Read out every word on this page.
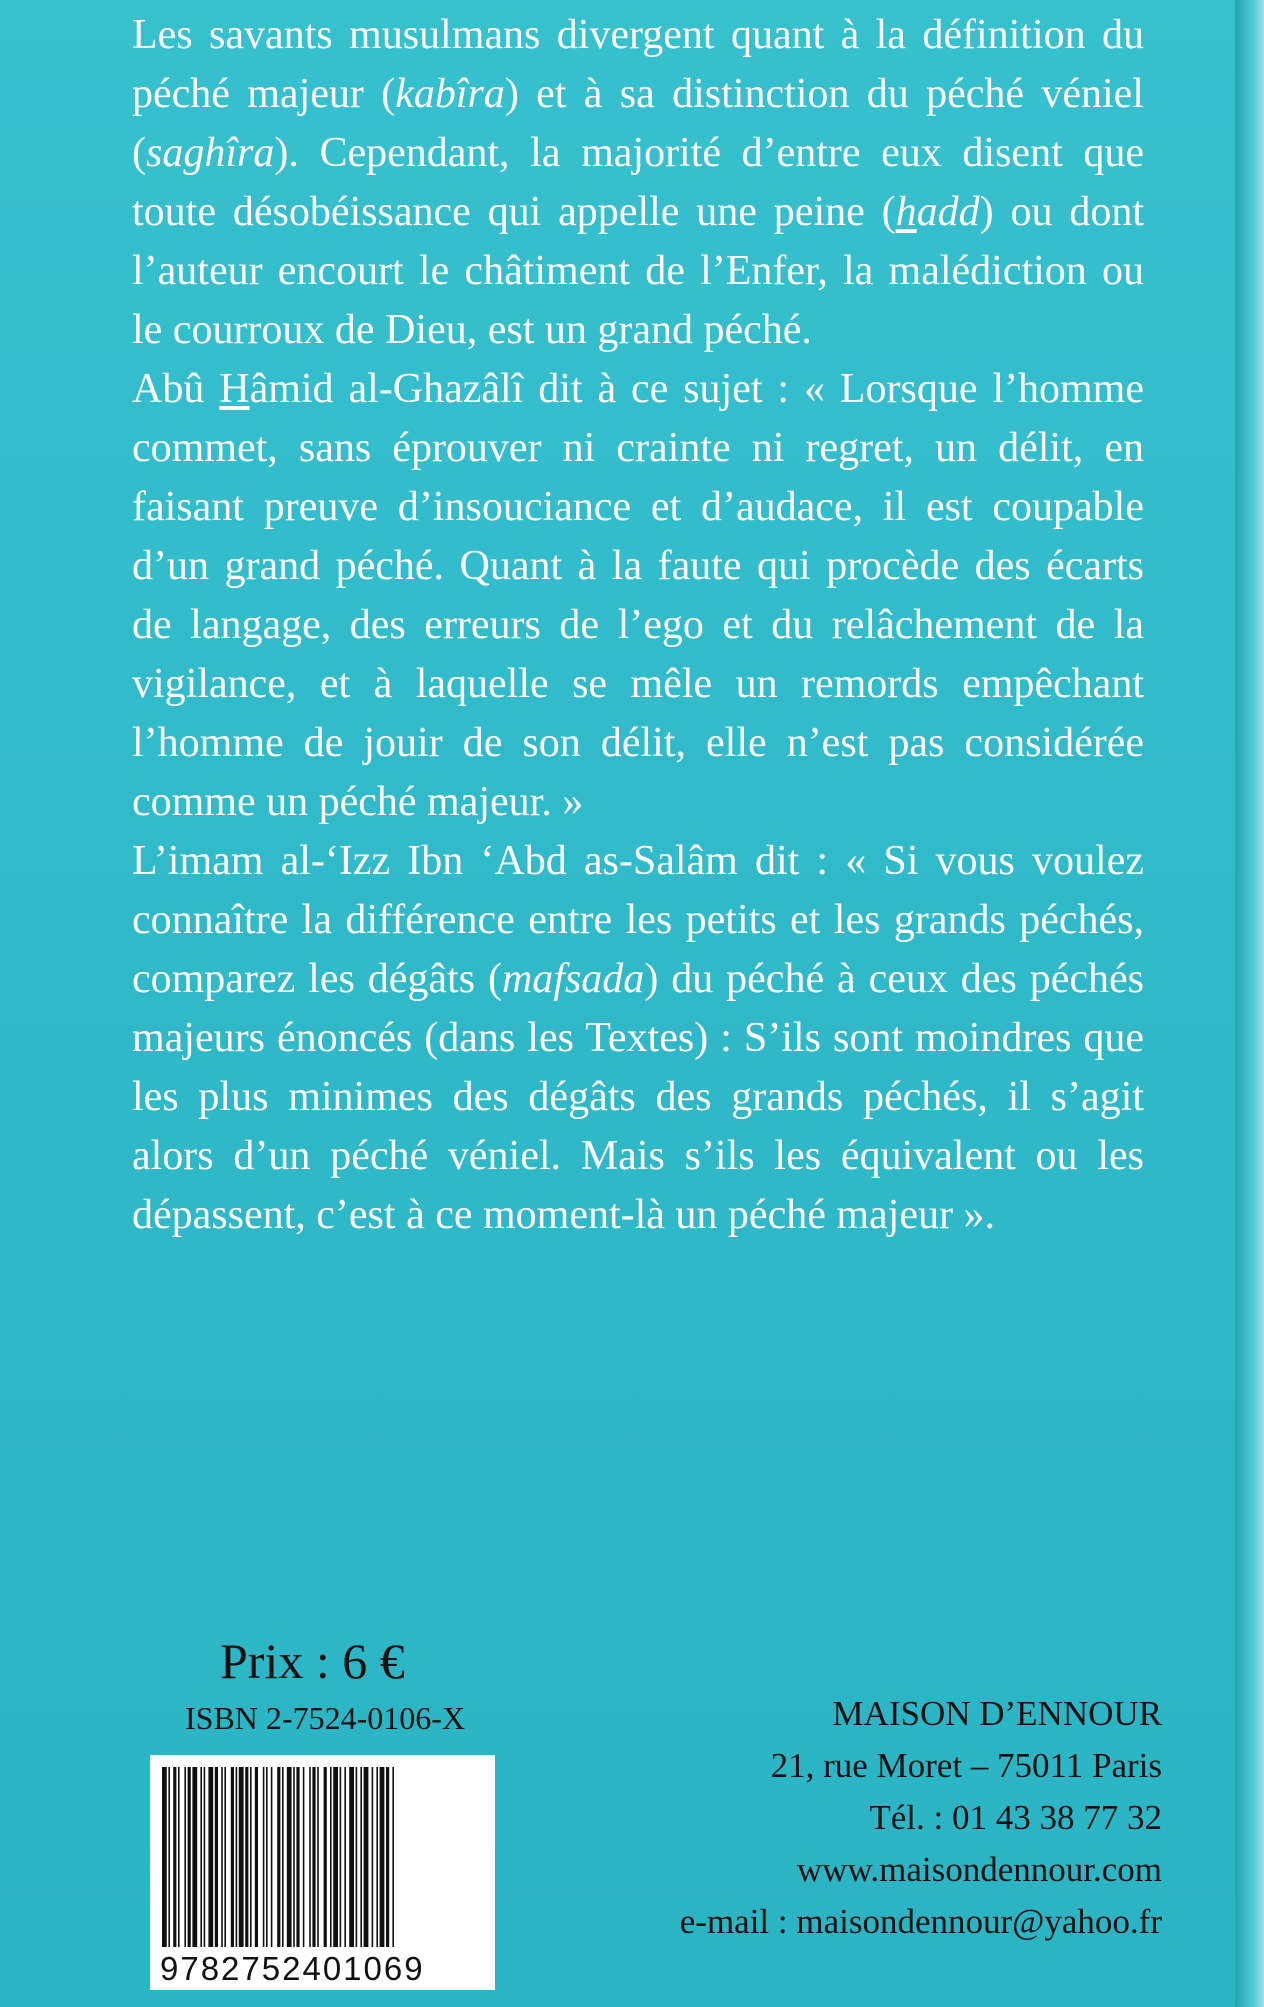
Les savants musulmans divergent quant à la définition du péché majeur (kabîra) et à sa distinction du péché véniel (saghîra). Cependant, la majorité d’entre eux disent que toute désobéissance qui appelle une peine (hadd) ou dont l’auteur encourt le châtiment de l’Enfer, la malédiction ou le courroux de Dieu, est un grand péché.

Abû Hâmid al-Ghazâlî dit à ce sujet : « Lorsque l’homme commet, sans éprouver ni crainte ni regret, un délit, en faisant preuve d’insouciance et d’audace, il est coupable d’un grand péché. Quant à la faute qui procède des écarts de langage, des erreurs de l’ego et du relâchement de la vigilance, et à laquelle se mêle un remords empêchant l’homme de jouir de son délit, elle n’est pas considérée comme un péché majeur. »

L’imam al-‘Izz Ibn ‘Abd as-Salâm dit : « Si vous voulez connaître la différence entre les petits et les grands péchés, comparez les dégâts (mafsada) du péché à ceux des péchés majeurs énoncés (dans les Textes) : S’ils sont moindres que les plus minimes des dégâts des grands péchés, il s’agit alors d’un péché véniel. Mais s’ils les équivalent ou les dépassent, c’est à ce moment-là un péché majeur ».

Prix : 6 €
ISBN 2-7524-0106-X
9782752401069
MAISON D’ENNOUR
21, rue Moret – 75011 Paris
Tél. : 01 43 38 77 32
www.maisondennour.com
e-mail : maisondennour@yahoo.fr
